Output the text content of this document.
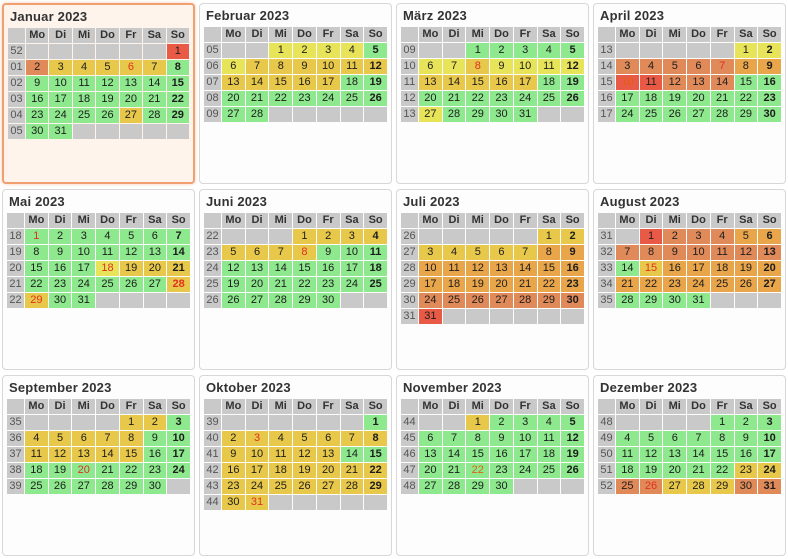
Januar 2023
	Mo	Di	Mi	Do	Fr	Sa	So
52							1
01	2	3	4	5	6	7	8
02	9	10	11	12	13	14	15
03	16	17	18	19	20	21	22
04	23	24	25	26	27	28	29
05	30	31					
Februar 2023
	Mo	Di	Mi	Do	Fr	Sa	So
05			1	2	3	4	5
06	6	7	8	9	10	11	12
07	13	14	15	16	17	18	19
08	20	21	22	23	24	25	26
09	27	28					
März 2023
	Mo	Di	Mi	Do	Fr	Sa	So
09			1	2	3	4	5
10	6	7	8	9	10	11	12
11	13	14	15	16	17	18	19
12	20	21	22	23	24	25	26
13	27	28	29	30	31		
April 2023
	Mo	Di	Mi	Do	Fr	Sa	So
13						1	2
14	3	4	5	6	7	8	9
15	10	11	12	13	14	15	16
16	17	18	19	20	21	22	23
17	24	25	26	27	28	29	30
Mai 2023
	Mo	Di	Mi	Do	Fr	Sa	So
18	1	2	3	4	5	6	7
19	8	9	10	11	12	13	14
20	15	16	17	18	19	20	21
21	22	23	24	25	26	27	28
22	29	30	31				
Juni 2023
	Mo	Di	Mi	Do	Fr	Sa	So
22				1	2	3	4
23	5	6	7	8	9	10	11
24	12	13	14	15	16	17	18
25	19	20	21	22	23	24	25
26	26	27	28	29	30		
Juli 2023
	Mo	Di	Mi	Do	Fr	Sa	So
26						1	2
27	3	4	5	6	7	8	9
28	10	11	12	13	14	15	16
29	17	18	19	20	21	22	23
30	24	25	26	27	28	29	30
31	31						
August 2023
	Mo	Di	Mi	Do	Fr	Sa	So
31		1	2	3	4	5	6
32	7	8	9	10	11	12	13
33	14	15	16	17	18	19	20
34	21	22	23	24	25	26	27
35	28	29	30	31			
September 2023
	Mo	Di	Mi	Do	Fr	Sa	So
35					1	2	3
36	4	5	6	7	8	9	10
37	11	12	13	14	15	16	17
38	18	19	20	21	22	23	24
39	25	26	27	28	29	30	
Oktober 2023
	Mo	Di	Mi	Do	Fr	Sa	So
39							1
40	2	3	4	5	6	7	8
41	9	10	11	12	13	14	15
42	16	17	18	19	20	21	22
43	23	24	25	26	27	28	29
44	30	31					
November 2023
	Mo	Di	Mi	Do	Fr	Sa	So
44			1	2	3	4	5
45	6	7	8	9	10	11	12
46	13	14	15	16	17	18	19
47	20	21	22	23	24	25	26
48	27	28	29	30			
Dezember 2023
	Mo	Di	Mi	Do	Fr	Sa	So
48					1	2	3
49	4	5	6	7	8	9	10
50	11	12	13	14	15	16	17
51	18	19	20	21	22	23	24
52	25	26	27	28	29	30	31
